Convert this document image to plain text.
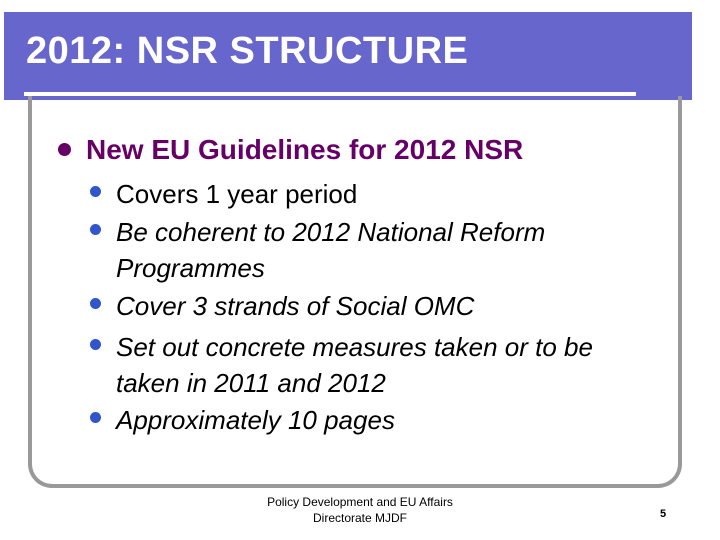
2012: NSR STRUCTURE
New EU Guidelines for 2012 NSR
Covers 1 year period
Be coherent to 2012 National Reform
Programmes
Cover 3 strands of Social OMC
Set out concrete measures taken or to be
taken in 2011 and 2012
Approximately 10 pages
Policy Development and EU Affairs
Directorate MJDF	5
